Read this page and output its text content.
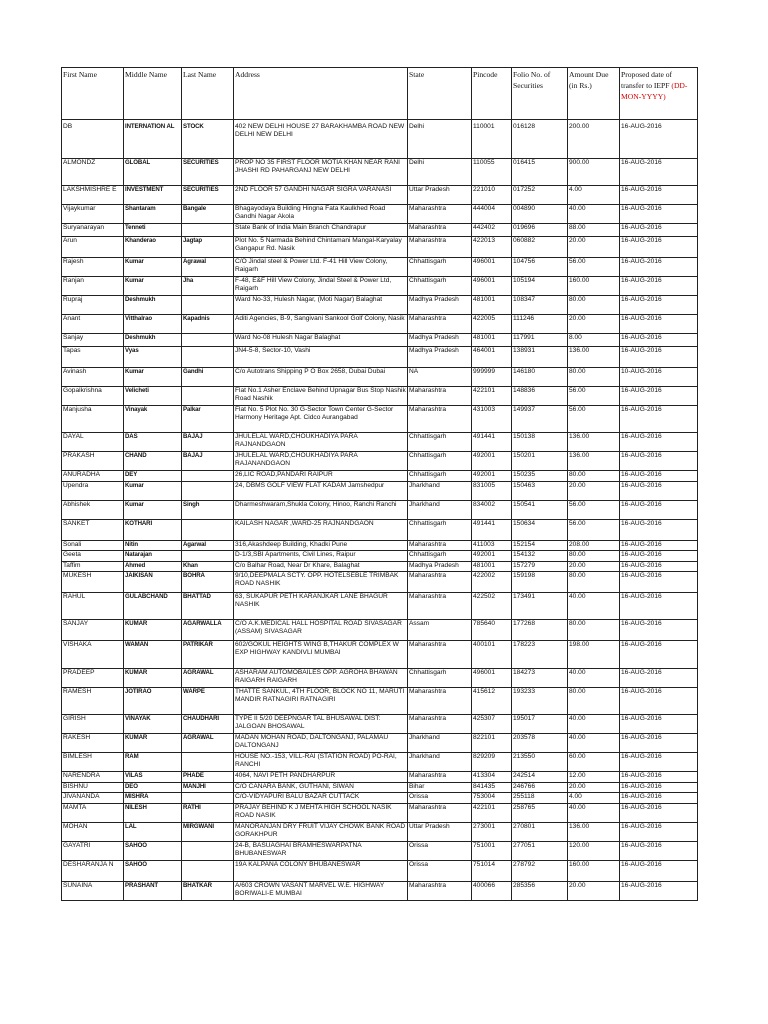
First Name	Middle Name	Last Name	Address	State	Pincode	Folio No. of Securities	Amount Due (in Rs.)	Proposed date of transfer to IEPF (DD-MON-YYYY)
DB	INTERNATION AL	STOCK	402 NEW DELHI HOUSE 27 BARAKHAMBA ROAD NEW DELHI NEW DELHI	Delhi	110001	016128	200.00	16-AUG-2016
ALMONDZ	GLOBAL	SECURITIES	PROP NO 35 FIRST FLOOR MOTIA KHAN NEAR RANI JHASHI RD PAHARGANJ NEW DELHI	Delhi	110055	016415	900.00	16-AUG-2016
LAKSHMISHRE E	INVESTMENT	SECURITIES	2ND FLOOR 57 GANDHI NAGAR SIGRA VARANASI	Uttar Pradesh	221010	017252	4.00	16-AUG-2016
Vijaykumar	Shantaram	Bangale	Bhagayodaya Building Hingna Fata Kaulkhed Road Gandhi Nagar Akola	Maharashtra	444004	004890	40.00	16-AUG-2016
Suryanarayan	Tenneti		State Bank of India Main Branch Chandrapur	Maharashtra	442402	019696	88.00	16-AUG-2016
Arun	Khanderao	Jagtap	Plot No. 5 Narmada Behind Chintamani Mangal-Karyalay Gangapur Rd. Nasik	Maharashtra	422013	060882	20.00	16-AUG-2016
Rajesh	Kumar	Agrawal	C/O Jindal steel & Power Ltd. F-41 Hill View Colony, Raigarh	Chhattisgarh	496001	104756	56.00	16-AUG-2016
Ranjan	Kumar	Jha	F-48, E&F Hill View Colony, Jindal Steel & Power Ltd, Raigarh	Chhattisgarh	496001	105194	160.00	16-AUG-2016
Rupraj	Deshmukh		Ward No-33, Hulesh Nagar, (Moti Nagar) Balaghat	Madhya Pradesh	481001	108347	80.00	16-AUG-2016
Anant	Vitthalrao	Kapadnis	Aditi Agencies, B-9, Sangivani Sankool Golf Colony, Nasik	Maharashtra	422005	111246	20.00	16-AUG-2016
Sanjay	Deshmukh		Ward No-08 Hulesh Nagar Balaghat	Madhya Pradesh	481001	117991	8.00	16-AUG-2016
Tapas	Vyas		JN4-5-8, Sector-10, Vashi	Madhya Pradesh	464001	138931	136.00	16-AUG-2016
Avinash	Kumar	Gandhi	C/o Autotrans Shipping P O Box 2658, Dubai Dubai	NA	999999	146180	80.00	10-AUG-2016
Gopalkrishna	Velicheti		Flat No.1 Asher Enclave Behind Upnagar Bus Stop Nashik Road Nashik	Maharashtra	422101	148836	56.00	16-AUG-2016
Manjusha	Vinayak	Palkar	Flat No. 5 Plot No. 30 G-Sector Town Center G-Sector Harmony Heritage Apt. Cidco Aurangabad	Maharashtra	431003	149937	56.00	16-AUG-2016
DAYAL	DAS	BAJAJ	JHULELAL WARD,CHOUKHADIYA PARA RAJNANDGAON	Chhattisgarh	491441	150138	136.00	16-AUG-2016
PRAKASH	CHAND	BAJAJ	JHULELAL WARD,CHOUKHADIYA PARA RAJANANDGAON	Chhattisgarh	492001	150201	136.00	16-AUG-2016
ANURADHA	DEY		26,LIC ROAD,PANDARI RAIPUR	Chhattisgarh	492001	150235	80.00	16-AUG-2016
Upendra	Kumar		24, DBMS GOLF VIEW FLAT KADAM Jamshedpur	Jharkhand	831005	150463	20.00	16-AUG-2016
Abhishek	Kumar	Singh	Dharmeshwaram,Shukla Colony, Hinoo, Ranchi Ranchi	Jharkhand	834002	150541	56.00	16-AUG-2016
SANKET	KOTHARI		KAILASH NAGAR ,WARD-25 RAJNANDGAON	Chhattisgarh	491441	150634	56.00	16-AUG-2016
Sonali	Nitin	Agarwal	316,Akashdeep Building, Khadki Pune	Maharashtra	411003	152154	208.00	16-AUG-2016
Geeta	Natarajan		D-1/3,SBI Apartments, Civil Lines, Raipur	Chhattisgarh	492001	154132	80.00	16-AUG-2016
Taffim	Ahmed	Khan	C/o Balhar Road, Near Dr Khare, Balaghat	Madhya Pradesh	481001	157279	20.00	16-AUG-2016
MUKESH	JAIKISAN	BOHRA	9/10,DEEPMALA SCTY. OPP. HOTELSEBLE TRIMBAK ROAD NASHIK	Maharashtra	422002	159198	80.00	16-AUG-2016
RAHUL	GULABCHAND	BHATTAD	63, SUKAPUR PETH KARANJKAR LANE BHAGUR NASHIK	Maharashtra	422502	173491	40.00	16-AUG-2016
SANJAY	KUMAR	AGARWALLA	C/O A.K.MEDICAL HALL HOSPITAL ROAD SIVASAGAR (ASSAM) SIVASAGAR	Assam	785640	177268	80.00	16-AUG-2016
VISHAKA	WAMAN	PATRIKAR	602/GOKUL HEIGHTS WING B,THAKUR COMPLEX W EXP HIGHWAY KANDIVLI MUMBAI	Maharashtra	400101	178223	198.00	16-AUG-2016
PRADEEP	KUMAR	AGRAWAL	ASHARAM AUTOMOBAILES OPP. AGROHA BHAWAN RAIGARH RAIGARH	Chhattisgarh	496001	184273	40.00	16-AUG-2016
RAMESH	JOTIRAO	WARPE	THATTE SANKUL, 4TH FLOOR, BLOCK NO 11, MARUTI MANDIR RATNAGIRI RATNAGIRI	Maharashtra	415612	193233	80.00	16-AUG-2016
GIRISH	VINAYAK	CHAUDHARI	TYPE II 5/20 DEEPNGAR TAL BHUSAWAL DIST: JALGOAN BHOSAWAL	Maharashtra	425307	195017	40.00	16-AUG-2016
RAKESH	KUMAR	AGRAWAL	MADAN MOHAN ROAD, DALTONGANJ, PALAMAU DALTONGANJ	Jharkhand	822101	203578	40.00	16-AUG-2016
BIMLESH	RAM		HOUSE NO.-153, VILL-RAI (STATION ROAD) PO-RAI, RANCHI	Jharkhand	829209	213550	60.00	16-AUG-2016
NARENDRA	VILAS	PHADE	4064, NAVI PETH PANDHARPUR	Maharashtra	413304	242514	12.00	16-AUG-2016
BISHNU	DEO	MANJHI	C/O CANARA BANK, GUTHANI, SIWAN	Bihar	841435	246766	20.00	16-AUG-2016
JIVANANDA	MISHRA		C/O-VIDYAPURI BALU BAZAR CUTTACK	Orissa	753004	255118	4.00	16-AUG-2016
MAMTA	NILESH	RATHI	PRAJAY BEHIND K J MEHTA HIGH SCHOOL NASIK ROAD NASIK	Maharashtra	422101	258765	40.00	16-AUG-2016
MOHAN	LAL	MIRGWANI	MANORANJAN DRY FRUIT VIJAY CHOWK BANK ROAD GORAKHPUR	Uttar Pradesh	273001	270801	136.00	16-AUG-2016
GAYATRI	SAHOO		24-B, BASUAGHAI BRAMHESWARPATNA BHUBANESWAR	Orissa	751001	277051	120.00	16-AUG-2016
DESHARANJA N	SAHOO		19A KALPANA COLONY BHUBANESWAR	Orissa	751014	278792	160.00	16-AUG-2016
SUNAINA	PRASHANT	BHATKAR	A/603 CROWN VASANT MARVEL W.E. HIGHWAY BORIWALI-E MUMBAI	Maharashtra	400066	285356	20.00	16-AUG-2016
